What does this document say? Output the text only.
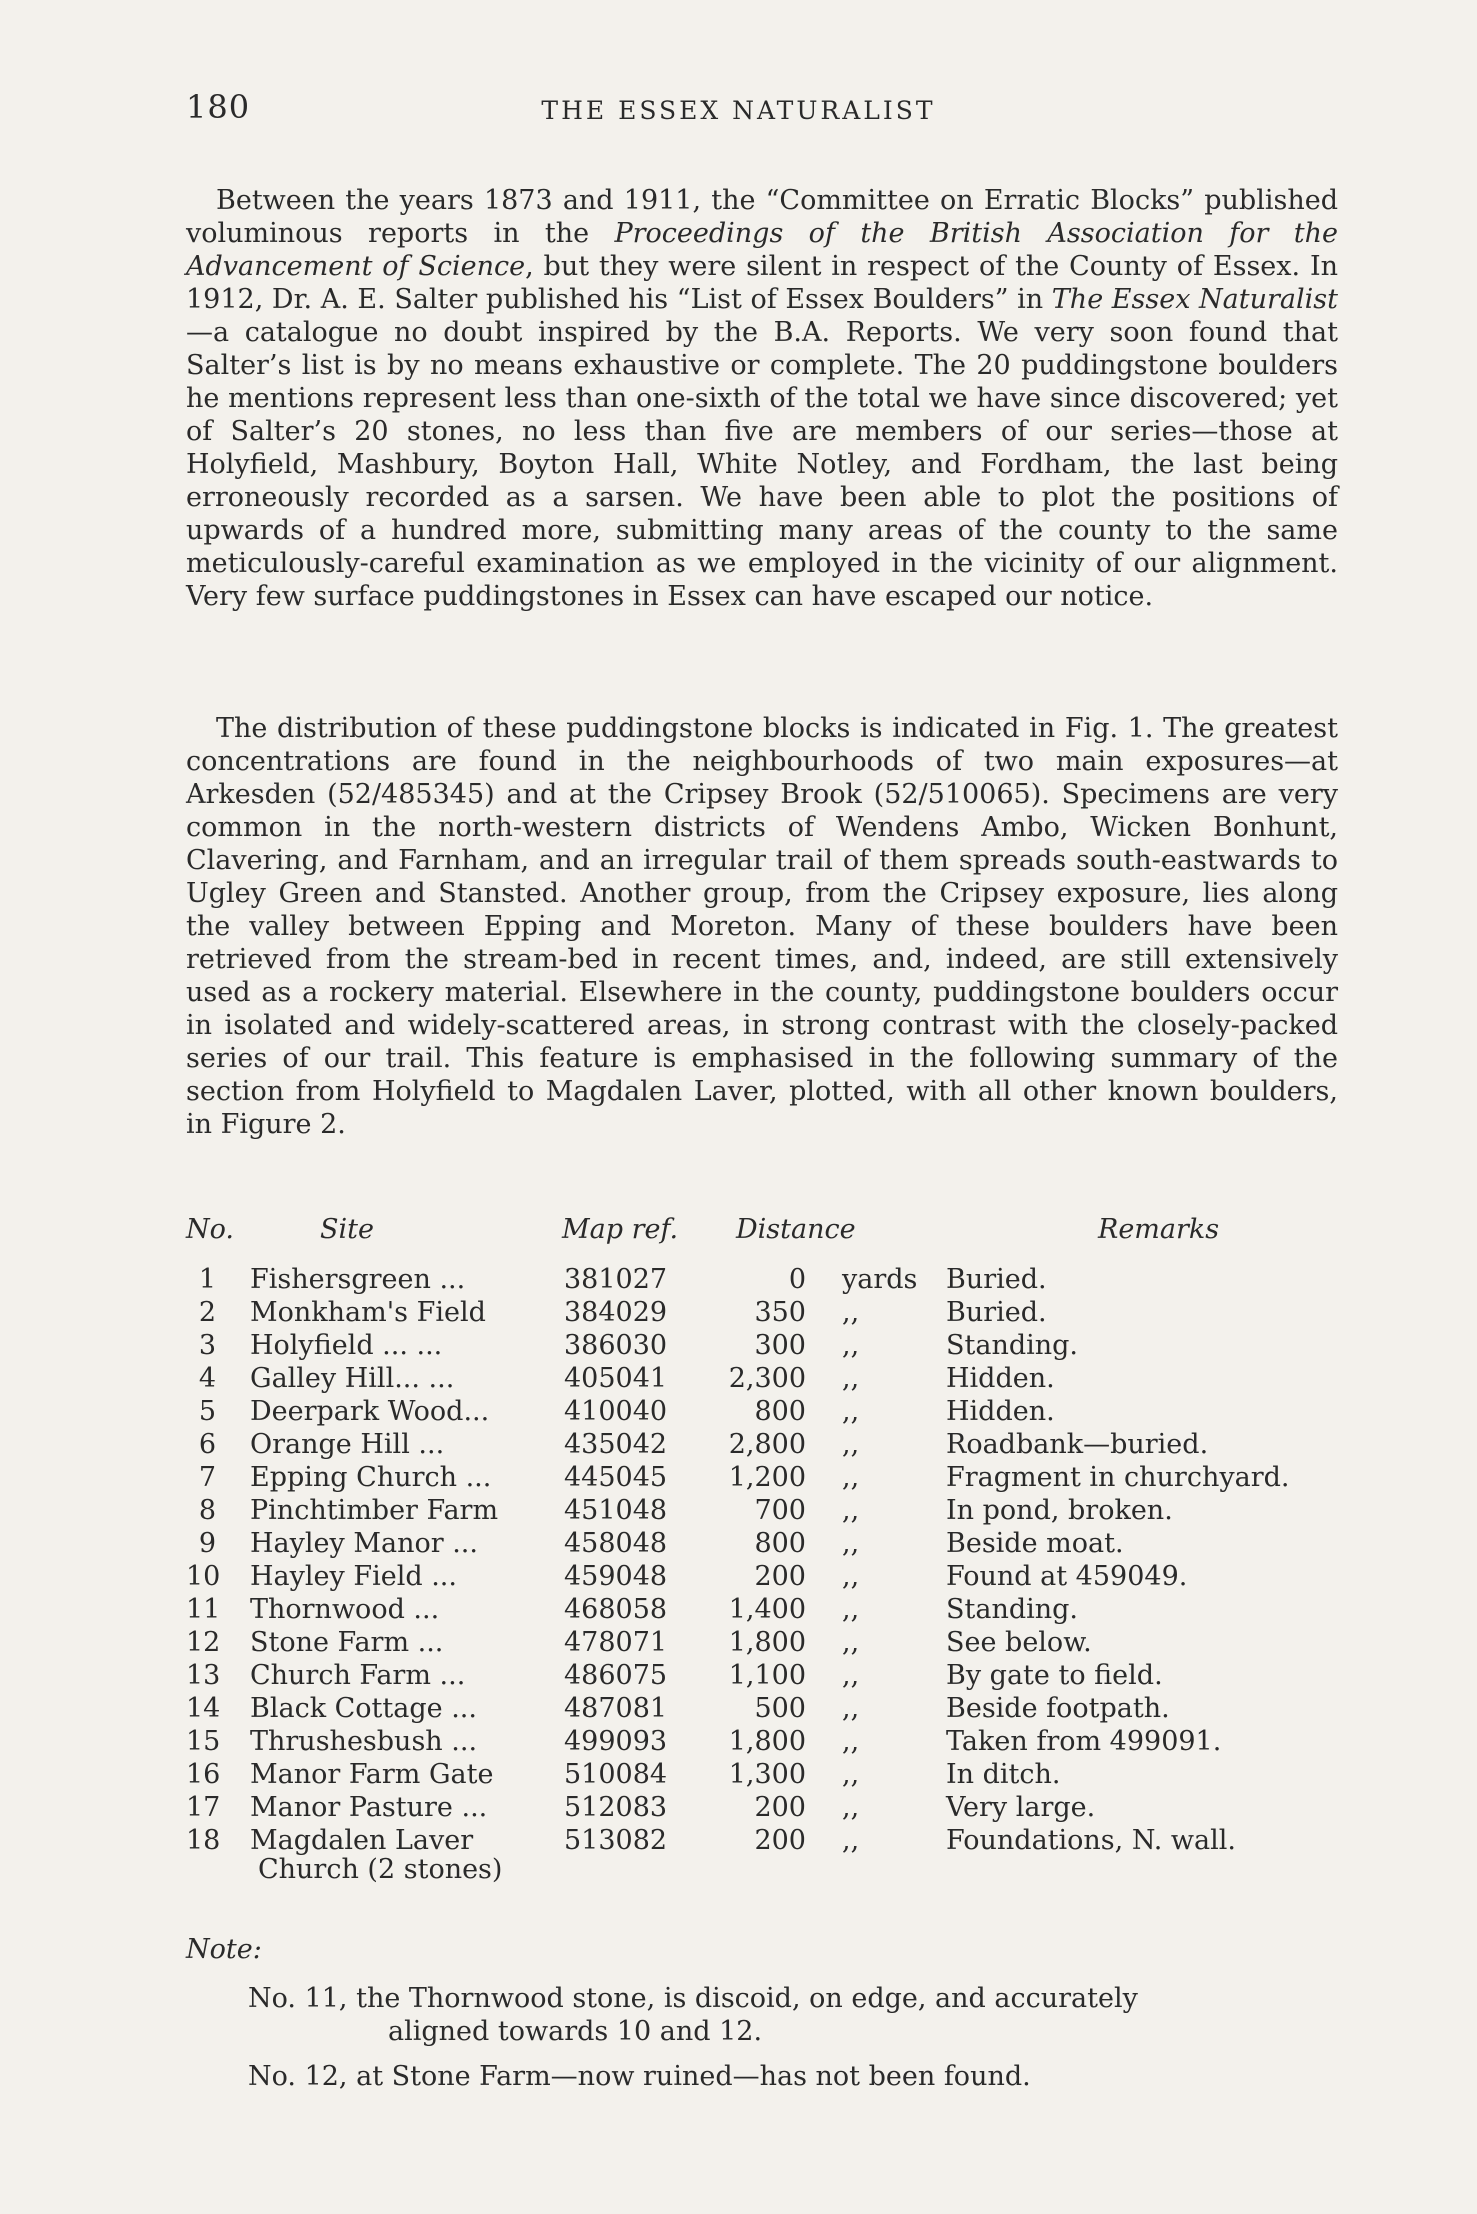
180	THE ESSEX NATURALIST

Between the years 1873 and 1911, the “Committee on Erratic Blocks” published voluminous reports in the Proceedings of the British Association for the Advancement of Science, but they were silent in respect of the County of Essex. In 1912, Dr. A. E. Salter published his “List of Essex Boulders” in The Essex Naturalist—a catalogue no doubt inspired by the B.A. Reports. We very soon found that Salter’s list is by no means exhaustive or complete. The 20 puddingstone boulders he mentions represent less than one-sixth of the total we have since discovered; yet of Salter’s 20 stones, no less than five are members of our series—those at Holyfield, Mashbury, Boyton Hall, White Notley, and Fordham, the last being erroneously recorded as a sarsen. We have been able to plot the positions of upwards of a hundred more, submitting many areas of the county to the same meticulously-careful examination as we employed in the vicinity of our alignment. Very few surface puddingstones in Essex can have escaped our notice.

The distribution of these puddingstone blocks is indicated in Fig. 1. The greatest concentrations are found in the neighbourhoods of two main exposures—at Arkesden (52/485345) and at the Cripsey Brook (52/510065). Specimens are very common in the north-western districts of Wendens Ambo, Wicken Bonhunt, Clavering, and Farnham, and an irregular trail of them spreads south-eastwards to Ugley Green and Stansted. Another group, from the Cripsey exposure, lies along the valley between Epping and Moreton. Many of these boulders have been retrieved from the stream-bed in recent times, and, indeed, are still extensively used as a rockery material. Elsewhere in the county, puddingstone boulders occur in isolated and widely-scattered areas, in strong contrast with the closely-packed series of our trail. This feature is emphasised in the following summary of the section from Holyfield to Magdalen Laver, plotted, with all other known boulders, in Figure 2.

No.	Site	Map ref. Distance	Remarks
1 Fishersgreen ...	381027	0 yards Buried.
2 Monkham's Field	384029	350 ,,	Buried.
3 Holyfield ... ...	386030	300 ,,	Standing.
4 Galley Hill... ...	405041	2,300 ,,	Hidden.
5 Deerpark Wood...	410040	800 ,,	Hidden.
6 Orange Hill ...	435042	2,800 ,,	Roadbank—buried.
7 Epping Church ...	445045	1,200 ,,	Fragment in churchyard.
8 Pinchtimber Farm 451048	700 ,,	In pond, broken.
9 Hayley Manor ...	458048	800 ,,	Beside moat.
10 Hayley Field ...	459048	200 ,,	Found at 459049.
11 Thornwood ...	468058	1,400 ,,	Standing.
12 Stone Farm ...	478071	1,800 ,,	See below.
13 Church Farm ...	486075	1,100 ,,	By gate to field.
14 Black Cottage ...	487081	500 ,,	Beside footpath.
15 Thrushesbush ...	499093	1,800 ,,	Taken from 499091.
16 Manor Farm Gate	510084	1,300 ,,	In ditch.
17 Manor Pasture ...	512083	200 ,,	Very large.
18 Magdalen Laver	513082	200 ,,	Foundations, N. wall.
Church (2 stones)
Note:
No. 11, the Thornwood stone, is discoid, on edge, and accurately
aligned towards 10 and 12.
No. 12, at Stone Farm—now ruined—has not been found.
